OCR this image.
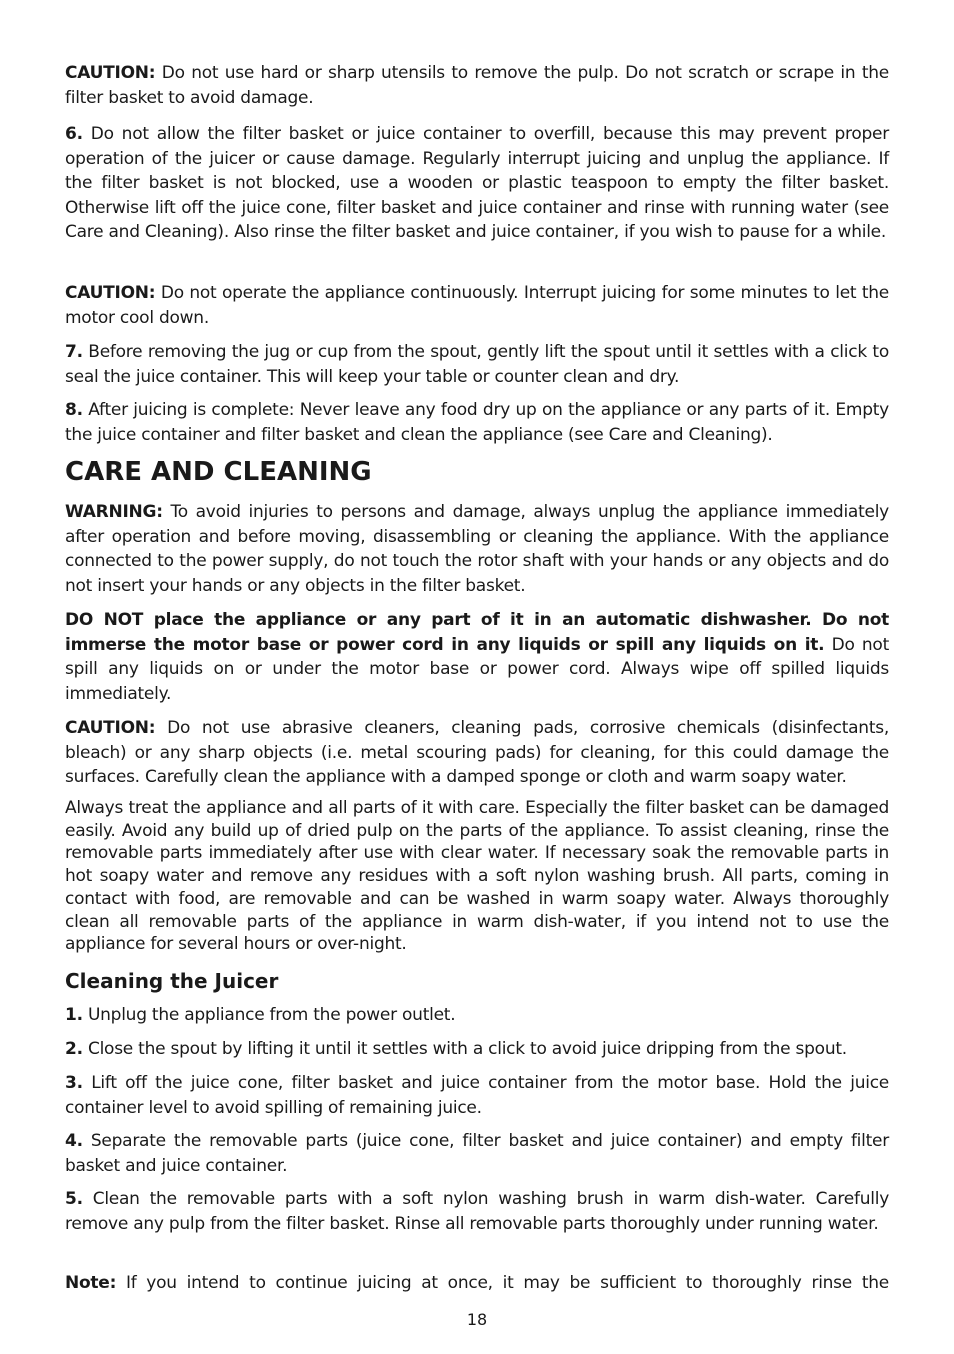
CAUTION: Do not use hard or sharp utensils to remove the pulp. Do not scratch or scrape in the filter basket to avoid damage.

6. Do not allow the filter basket or juice container to overfill, because this may prevent proper operation of the juicer or cause damage. Regularly interrupt juicing and unplug the appliance. If the filter basket is not blocked, use a wooden or plastic teaspoon to empty the filter basket. Otherwise lift off the juice cone, filter basket and juice container and rinse with running water (see Care and Cleaning). Also rinse the filter basket and juice container, if you wish to pause for a while.

CAUTION: Do not operate the appliance continuously. Interrupt juicing for some minutes to let the motor cool down.

7. Before removing the jug or cup from the spout, gently lift the spout until it settles with a click to seal the juice container. This will keep your table or counter clean and dry.

8. After juicing is complete: Never leave any food dry up on the appliance or any parts of it. Empty the juice container and filter basket and clean the appliance (see Care and Cleaning).

CARE AND CLEANING

WARNING: To avoid injuries to persons and damage, always unplug the appliance immediately after operation and before moving, disassembling or cleaning the appliance. With the appliance connected to the power supply, do not touch the rotor shaft with your hands or any objects and do not insert your hands or any objects in the filter basket.

DO NOT place the appliance or any part of it in an automatic dishwasher. Do not immerse the motor base or power cord in any liquids or spill any liquids on it. Do not spill any liquids on or under the motor base or power cord. Always wipe off spilled liquids immediately.

CAUTION: Do not use abrasive cleaners, cleaning pads, corrosive chemicals (disinfectants, bleach) or any sharp objects (i.e. metal scouring pads) for cleaning, for this could damage the surfaces. Carefully clean the appliance with a damped sponge or cloth and warm soapy water.

Always treat the appliance and all parts of it with care. Especially the filter basket can be damaged easily. Avoid any build up of dried pulp on the parts of the appliance. To assist cleaning, rinse the removable parts immediately after use with clear water. If necessary soak the removable parts in hot soapy water and remove any residues with a soft nylon washing brush. All parts, coming in contact with food, are removable and can be washed in warm soapy water. Always thoroughly clean all removable parts of the appliance in warm dish-water, if you intend not to use the appliance for several hours or over-night.

Cleaning the Juicer

1. Unplug the appliance from the power outlet.

2. Close the spout by lifting it until it settles with a click to avoid juice dripping from the spout.

3. Lift off the juice cone, filter basket and juice container from the motor base. Hold the juice container level to avoid spilling of remaining juice.

4. Separate the removable parts (juice cone, filter basket and juice container) and empty filter basket and juice container.

5. Clean the removable parts with a soft nylon washing brush in warm dish-water. Carefully remove any pulp from the filter basket. Rinse all removable parts thoroughly under running water.

Note: If you intend to continue juicing at once, it may be sufficient to thoroughly rinse the

18
